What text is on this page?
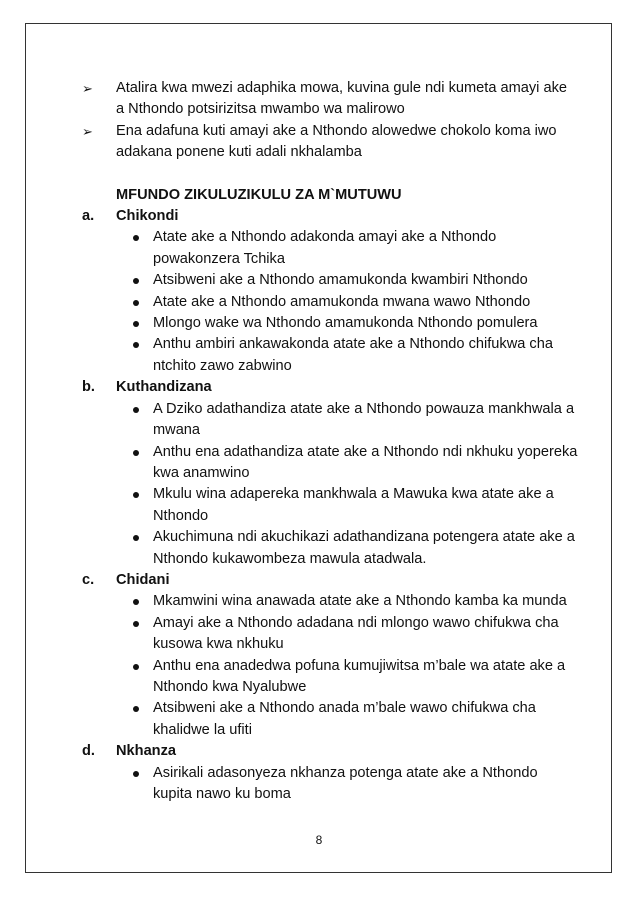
➢ Atalira kwa mwezi adaphika mowa, kuvina gule ndi kumeta amayi ake a Nthondo potsirizitsa mwambo wa malirowo
➢ Ena adafuna kuti amayi ake a Nthondo alowedwe chokolo koma iwo adakana ponene kuti adali nkhalamba
MFUNDO ZIKULUZIKULU ZA M`MUTUWU
a. Chikondi
Atate ake a Nthondo adakonda amayi ake a Nthondo powakonzera Tchika
Atsibweni ake a Nthondo amamukonda kwambiri Nthondo
Atate ake a Nthondo amamukonda mwana wawo Nthondo
Mlongo wake wa Nthondo amamukonda Nthondo pomulera
Anthu ambiri ankawakonda atate ake a Nthondo chifukwa cha ntchito zawo zabwino
b. Kuthandizana
A Dziko adathandiza atate ake a Nthondo powauza mankhwala a mwana
Anthu ena adathandiza atate ake a Nthondo ndi nkhuku yopereka kwa anamwino
Mkulu wina adapereka mankhwala a Mawuka kwa atate ake a Nthondo
Akuchimuna ndi akuchikazi adathandizana potengera atate ake a Nthondo kukawombeza mawula atadwala.
c. Chidani
Mkamwini wina anawada atate ake a Nthondo kamba ka munda
Amayi ake a Nthondo adadana ndi mlongo wawo chifukwa cha kusowa kwa nkhuku
Anthu ena anadedwa pofuna kumujiwitsa m’bale wa atate ake a Nthondo kwa Nyalubwe
Atsibweni ake a Nthondo anada m’bale wawo chifukwa cha khalidwe la ufiti
d. Nkhanza
Asirikali adasonyeza nkhanza potenga atate ake a Nthondo kupita nawo ku boma
8
